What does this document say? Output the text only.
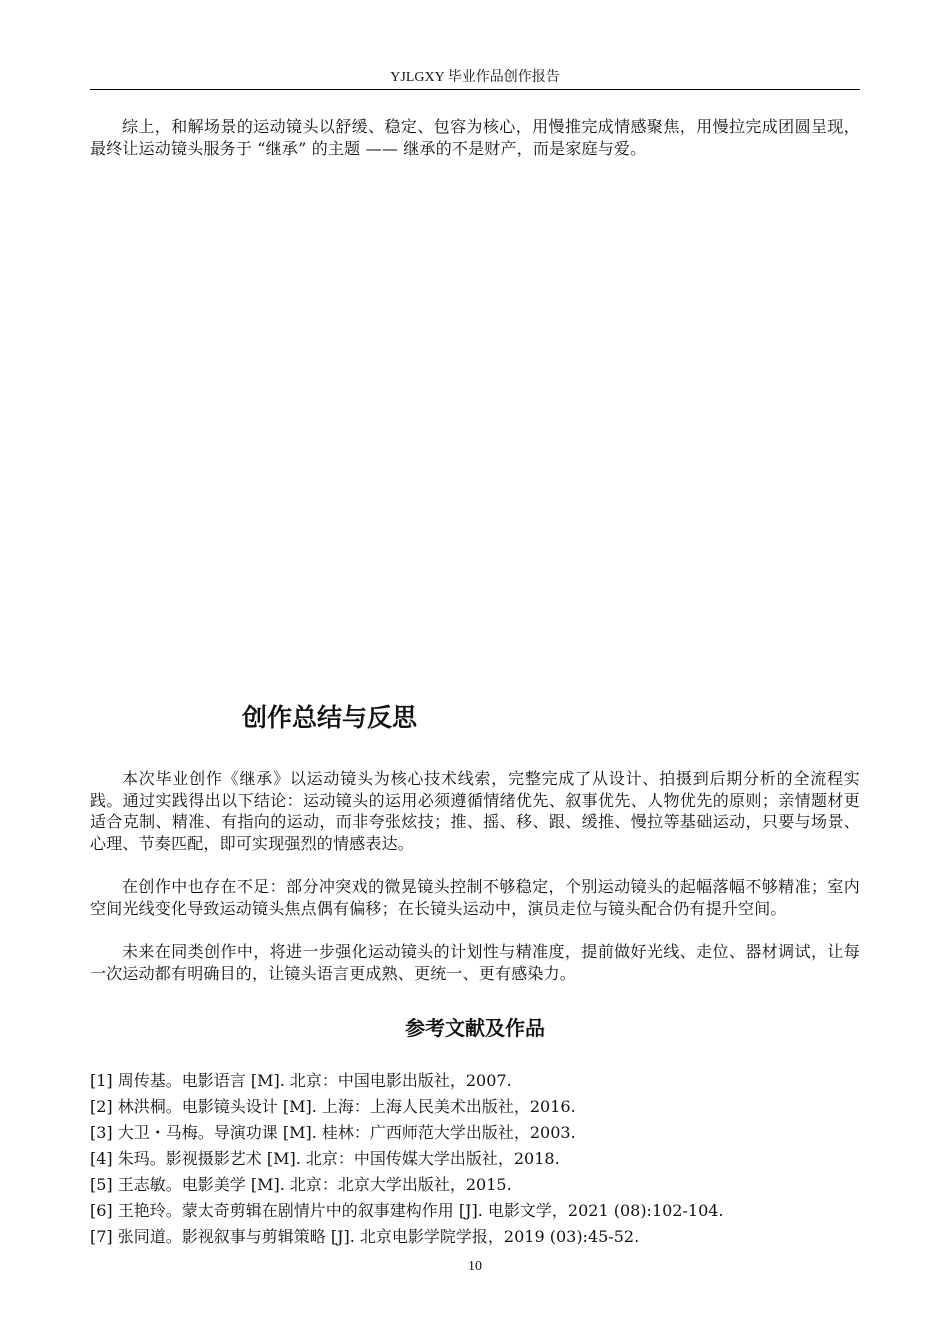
YJLGXY 毕业作品创作报告

综上，和解场景的运动镜头以舒缓、稳定、包容为核心，用慢推完成情感聚焦，用慢拉完成团圆呈现，最终让运动镜头服务于 “继承” 的主题 —— 继承的不是财产，而是家庭与爱。

创作总结与反思

本次毕业创作《继承》以运动镜头为核心技术线索，完整完成了从设计、拍摄到后期分析的全流程实践。通过实践得出以下结论：运动镜头的运用必须遵循情绪优先、叙事优先、人物优先的原则；亲情题材更适合克制、精准、有指向的运动，而非夸张炫技；推、摇、移、跟、缓推、慢拉等基础运动，只要与场景、心理、节奏匹配，即可实现强烈的情感表达。

在创作中也存在不足：部分冲突戏的微晃镜头控制不够稳定，个别运动镜头的起幅落幅不够精准；室内空间光线变化导致运动镜头焦点偶有偏移；在长镜头运动中，演员走位与镜头配合仍有提升空间。

未来在同类创作中，将进一步强化运动镜头的计划性与精准度，提前做好光线、走位、器材调试，让每一次运动都有明确目的，让镜头语言更成熟、更统一、更有感染力。

参考文献及作品
[1] 周传基。电影语言 [M]. 北京：中国电影出版社，2007.
[2] 林洪桐。电影镜头设计 [M]. 上海：上海人民美术出版社，2016.
[3] 大卫・马梅。导演功课 [M]. 桂林：广西师范大学出版社，2003.
[4] 朱玛。影视摄影艺术 [M]. 北京：中国传媒大学出版社，2018.
[5] 王志敏。电影美学 [M]. 北京：北京大学出版社，2015.
[6] 王艳玲。蒙太奇剪辑在剧情片中的叙事建构作用 [J]. 电影文学，2021 (08):102-104.
[7] 张同道。影视叙事与剪辑策略 [J]. 北京电影学院学报，2019 (03):45-52.
10
